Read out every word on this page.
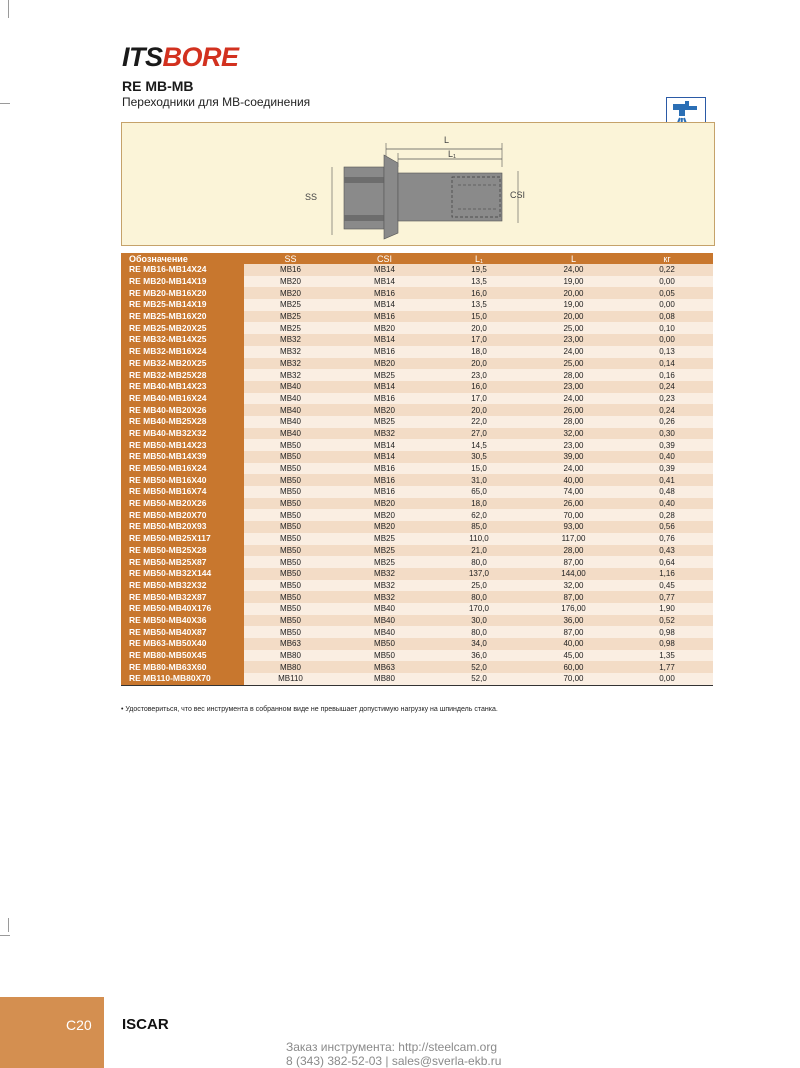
ITS BORE
RE MB-MB
Переходники для MB-соединения
L
L₁
SS	CSI
Обозначение	SS	CSI	L₁	L	кг
RE MB16-MB14X24	MB16	MB14	19,5	24,00	0,22
RE MB20-MB14X19	MB20	MB14	13,5	19,00	0,00
RE MB20-MB16X20	MB20	MB16	16,0	20,00	0,05
RE MB25-MB14X19	MB25	MB14	13,5	19,00	0,00
RE MB25-MB16X20	MB25	MB16	15,0	20,00	0,08
RE MB25-MB20X25	MB25	MB20	20,0	25,00	0,10
RE MB32-MB14X25	MB32	MB14	17,0	23,00	0,00
RE MB32-MB16X24	MB32	MB16	18,0	24,00	0,13
RE MB32-MB20X25	MB32	MB20	20,0	25,00	0,14
RE MB32-MB25X28	MB32	MB25	23,0	28,00	0,16
RE MB40-MB14X23	MB40	MB14	16,0	23,00	0,24
RE MB40-MB16X24	MB40	MB16	17,0	24,00	0,23
RE MB40-MB20X26	MB40	MB20	20,0	26,00	0,24
RE MB40-MB25X28	MB40	MB25	22,0	28,00	0,26
RE MB40-MB32X32	MB40	MB32	27,0	32,00	0,30
RE MB50-MB14X23	MB50	MB14	14,5	23,00	0,39
RE MB50-MB14X39	MB50	MB14	30,5	39,00	0,40
RE MB50-MB16X24	MB50	MB16	15,0	24,00	0,39
RE MB50-MB16X40	MB50	MB16	31,0	40,00	0,41
RE MB50-MB16X74	MB50	MB16	65,0	74,00	0,48
RE MB50-MB20X26	MB50	MB20	18,0	26,00	0,40
RE MB50-MB20X70	MB50	MB20	62,0	70,00	0,28
RE MB50-MB20X93	MB50	MB20	85,0	93,00	0,56
RE MB50-MB25X117	MB50	MB25	110,0	117,00	0,76
RE MB50-MB25X28	MB50	MB25	21,0	28,00	0,43
RE MB50-MB25X87	MB50	MB25	80,0	87,00	0,64
RE MB50-MB32X144	MB50	MB32	137,0	144,00	1,16
RE MB50-MB32X32	MB50	MB32	25,0	32,00	0,45
RE MB50-MB32X87	MB50	MB32	80,0	87,00	0,77
RE MB50-MB40X176	MB50	MB40	170,0	176,00	1,90
RE MB50-MB40X36	MB50	MB40	30,0	36,00	0,52
RE MB50-MB40X87	MB50	MB40	80,0	87,00	0,98
RE MB63-MB50X40	MB63	MB50	34,0	40,00	0,98
RE MB80-MB50X45	MB80	MB50	36,0	45,00	1,35
RE MB80-MB63X60	MB80	MB63	52,0	60,00	1,77
RE MB110-MB80X70	MB110	MB80	52,0	70,00	0,00
• Удостовериться, что вес инструмента в собранном виде не превышает допустимую нагрузку на шпиндель станка.
C20 ISCAR
Заказ инструмента: http://steelcam.org
8 (343) 382-52-03 | sales@sverla-ekb.ru
